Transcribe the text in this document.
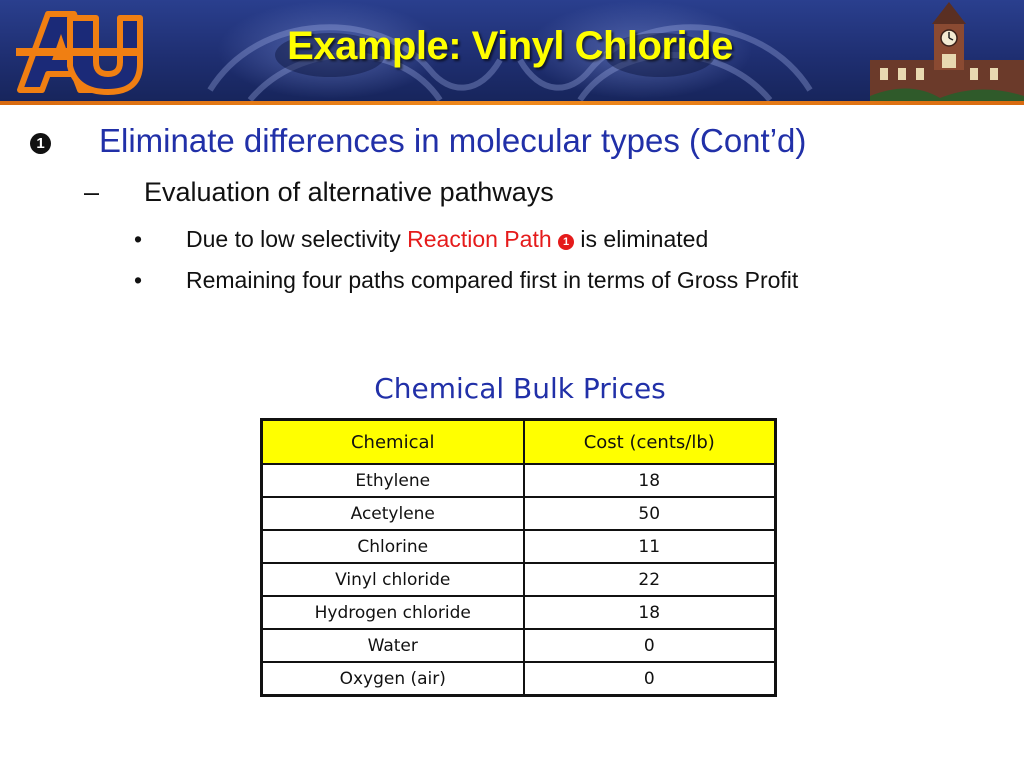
Example: Vinyl Chloride
1 Eliminate differences in molecular types (Cont’d)
– Evaluation of alternative pathways
• Due to low selectivity Reaction Path 1 is eliminated
• Remaining four paths compared first in terms of Gross Profit
Chemical Bulk Prices
Chemical	Cost (cents/lb)
Ethylene	18
Acetylene	50
Chlorine	11
Vinyl chloride	22
Hydrogen chloride	18
Water	0
Oxygen (air)	0
